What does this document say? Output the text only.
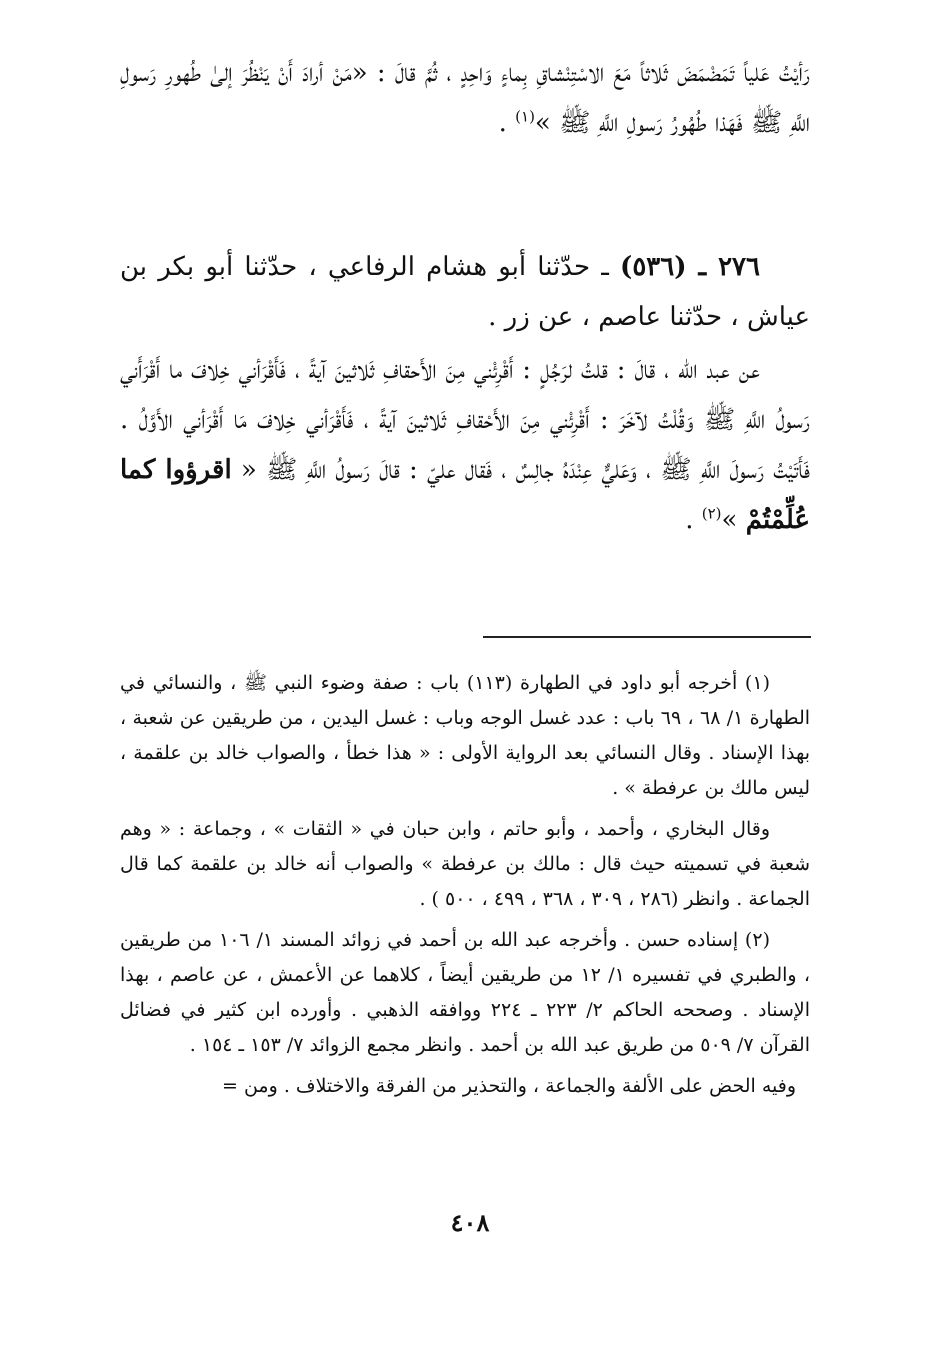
رَأيْتُ عَلياً تَمَضْمَضَ ثَلاثاً مَعَ الاسْتِنْشاقِ بِماءٍ وَاحِدٍ ، ثُمَّ قالَ : «مَنْ أرادَ أَنْ يَنْظُرَ إلىٰ طُهورِ رَسولِ اللَّهِ ﷺ فَهَذا طُهُورُ رَسولِ اللَّهِ ﷺ »$^{(١)}$ .

٢٧٦ ـ (٥٣٦) ـ حدّثنا أبو هشام الرفاعي ، حدّثنا أبو بكر بن عياش ، حدّثنا عاصم ، عن زر .

عن عبد الله ، قالَ : قلتُ لرَجُلٍ : أَقْرِئْني مِنَ الأَحقافِ ثَلاثينَ آيةً ، فَأَقْرَأني خِلافَ ما أَقْرَأَني رَسولُ اللَّهِ ﷺ وَقُلْتُ لآخَرَ : أَقْرِئْني مِنَ الأَحْقافِ ثَلاثينَ آيةً ، فَأَقْرَأني خِلافَ مَا أَقْرَأني الأَوَّلُ . فَأَتَيْتُ رَسولَ اللَّهِ ﷺ ، وَعَليٌّ عِنْدَهُ جالِسٌ ، فَقال عليّ : قالَ رَسولُ اللَّهِ ﷺ « اقرؤوا كما عُلِّمْتُمْ »$^{(٢)}$ .

(١) أخرجه أبو داود في الطهارة (١١٣) باب : صفة وضوء النبي ﷺ ، والنسائي في الطهارة ١/ ٦٨ ، ٦٩ باب : عدد غسل الوجه وباب : غسل اليدين ، من طريقين عن شعبة ، بهذا الإسناد . وقال النسائي بعد الرواية الأولى : « هذا خطأ ، والصواب خالد بن علقمة ، ليس مالك بن عرفطة » .

وقال البخاري ، وأحمد ، وأبو حاتم ، وابن حبان في « الثقات » ، وجماعة : « وهم شعبة في تسميته حيث قال : مالك بن عرفطة » والصواب أنه خالد بن علقمة كما قال الجماعة . وانظر (٢٨٦ ، ٣٠٩ ، ٣٦٨ ، ٤٩٩ ، ٥٠٠ ) .

(٢) إسناده حسن . وأخرجه عبد الله بن أحمد في زوائد المسند ١/ ١٠٦ من طريقين ، والطبري في تفسيره ١/ ١٢ من طريقين أيضاً ، كلاهما عن الأعمش ، عن عاصم ، بهذا الإسناد . وصححه الحاكم ٢/ ٢٢٣ ـ ٢٢٤ ووافقه الذهبي . وأورده ابن كثير في فضائل القرآن ٧/ ٥٠٩ من طريق عبد الله بن أحمد . وانظر مجمع الزوائد ٧/ ١٥٣ ـ ١٥٤ .

وفيه الحض على الألفة والجماعة ، والتحذير من الفرقة والاختلاف . ومن =

٤٠٨
